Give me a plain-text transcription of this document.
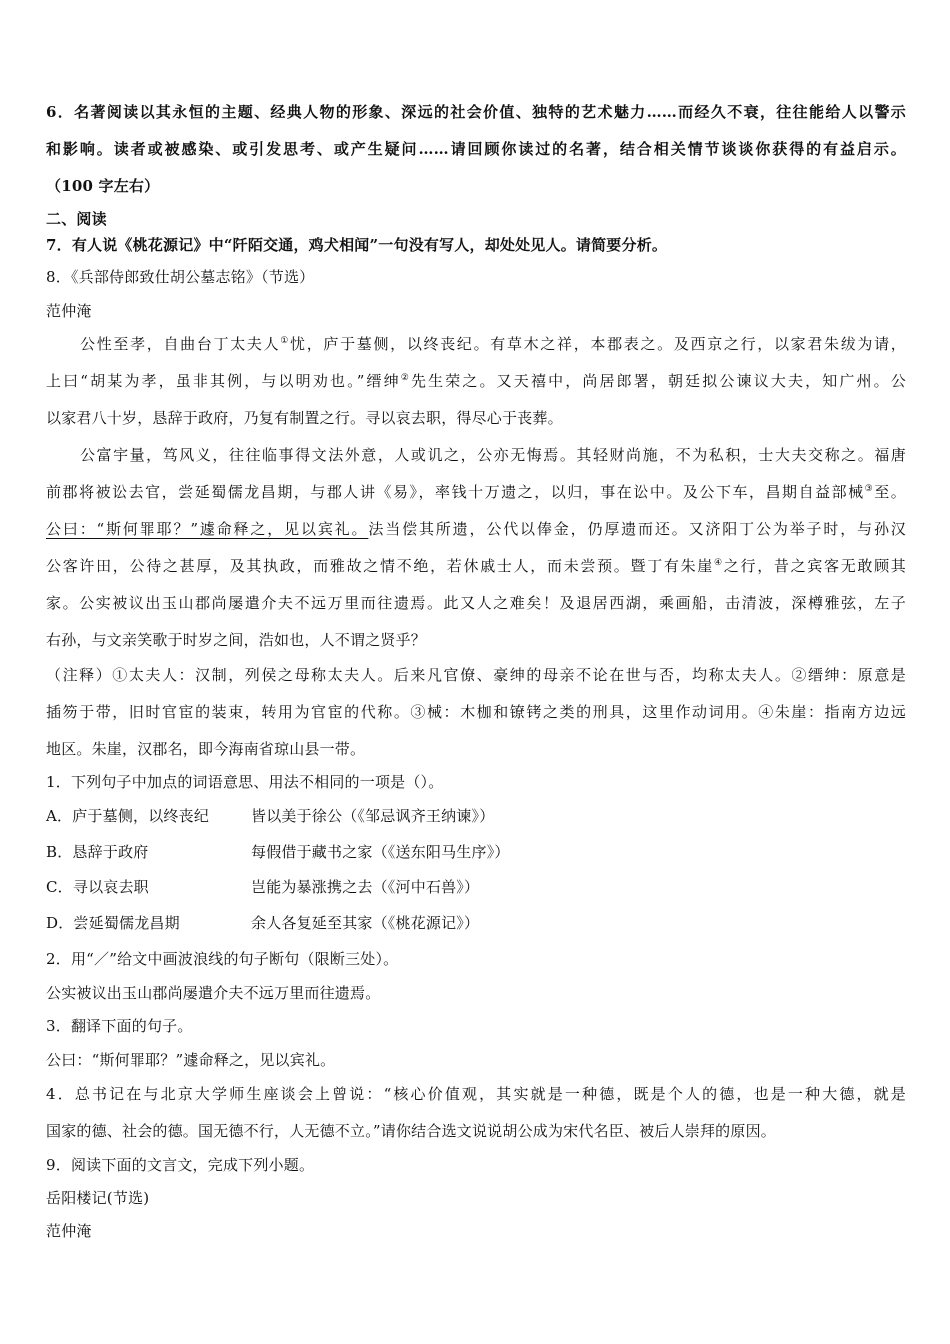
6．名著阅读以其永恒的主题、经典人物的形象、深远的社会价值、独特的艺术魅力……而经久不衰，往往能给人以警示
和影响。读者或被感染、或引发思考、或产生疑问……请回顾你读过的名著，结合相关情节谈谈你获得的有益启示。
（100 字左右）
二、阅读
7．有人说《桃花源记》中“阡陌交通，鸡犬相闻”一句没有写人，却处处见人。请简要分析。
8．《兵部侍郎致仕胡公墓志铭》（节选）
范仲淹
公性至孝，自曲台丁太夫人①忧，庐于墓侧，以终丧纪。有草木之祥，本郡表之。及西京之行，以家君朱绂为请，
上曰“胡某为孝，虽非其例，与以明劝也。”缙绅②先生荣之。又天禧中，尚居郎署，朝廷拟公谏议大夫，知广州。公
以家君八十岁，恳辞于政府，乃复有制置之行。寻以哀去职，得尽心于丧葬。
公富宇量，笃风义，往往临事得文法外意，人或讥之，公亦无悔焉。其轻财尚施，不为私积，士大夫交称之。福唐
前郡将被讼去官，尝延蜀儒龙昌期，与郡人讲《易》，率钱十万遗之，以归，事在讼中。及公下车，昌期自益部械③至。
公曰：“斯何罪耶？”遽命释之，见以宾礼。法当偿其所遗，公代以俸金，仍厚遗而还。又济阳丁公为举子时，与孙汉
公客许田，公待之甚厚，及其执政，而雅故之情不绝，若休戚士人，而未尝预。暨丁有朱崖④之行，昔之宾客无敢顾其
家。公实被议出玉山郡尚屡遣介夫不远万里而往遗焉。此又人之难矣！及退居西湖，乘画船，击清波，深樽雅弦，左子
右孙，与文亲笑歌于时岁之间，浩如也，人不谓之贤乎？
（注释）①太夫人：汉制，列侯之母称太夫人。后来凡官僚、豪绅的母亲不论在世与否，均称太夫人。②缙绅：原意是
插笏于带，旧时官宦的装束，转用为官宦的代称。③械：木枷和镣铐之类的刑具，这里作动词用。④朱崖：指南方边远
地区。朱崖，汉郡名，即今海南省琼山县一带。
1．下列句子中加点的词语意思、用法不相同的一项是（）。
A．庐于墓侧，以终丧纪	皆以美于徐公（《邹忌讽齐王纳谏》）
B．恳辞于政府	每假借于藏书之家（《送东阳马生序》）
C．寻以哀去职	岂能为暴涨携之去（《河中石兽》）
D．尝延蜀儒龙昌期	余人各复延至其家（《桃花源记》）
2．用“／”给文中画波浪线的句子断句（限断三处）。
公实被议出玉山郡尚屡遣介夫不远万里而往遗焉。
3．翻译下面的句子。
公曰：“斯何罪耶？”遽命释之，见以宾礼。
4．总书记在与北京大学师生座谈会上曾说：“核心价值观，其实就是一种德，既是个人的德，也是一种大德，就是
国家的德、社会的德。国无德不行，人无德不立。”请你结合选文说说胡公成为宋代名臣、被后人崇拜的原因。
9．阅读下面的文言文，完成下列小题。
岳阳楼记(节选)
范仲淹
